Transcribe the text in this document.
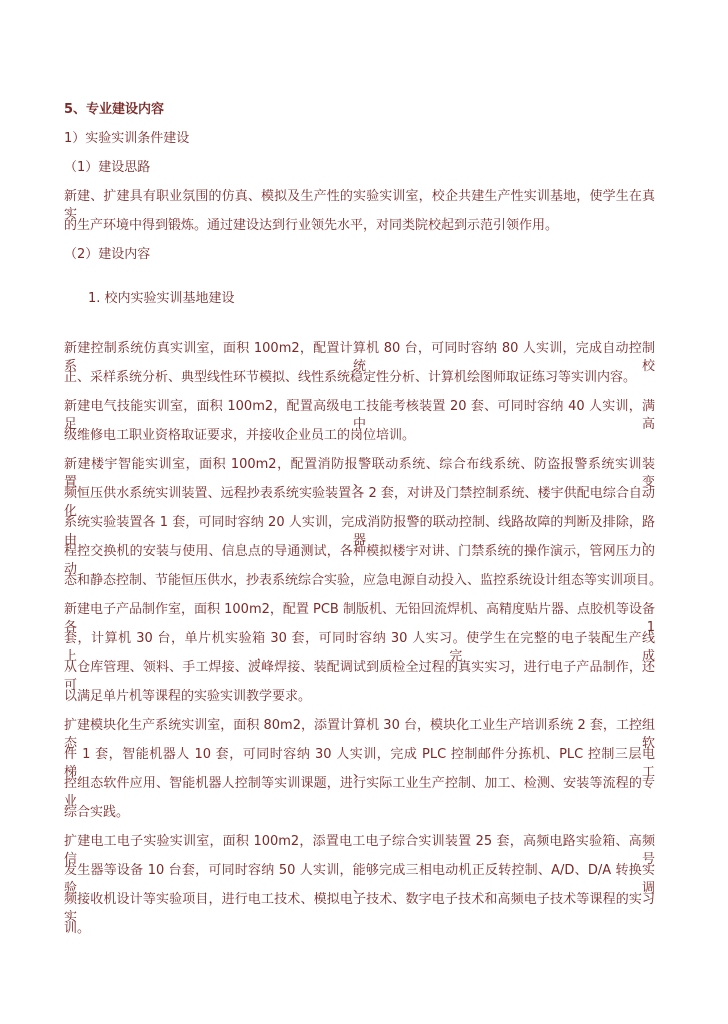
5、专业建设内容
1）实验实训条件建设
（1）建设思路
新建、扩建具有职业氛围的仿真、模拟及生产性的实验实训室，校企共建生产性实训基地，使学生在真实
的生产环境中得到锻炼。通过建设达到行业领先水平，对同类院校起到示范引领作用。
（2）建设内容
1. 校内实验实训基地建设
新建控制系统仿真实训室，面积 100m2，配置计算机 80 台，可同时容纳 80 人实训，完成自动控制系统校
正、采样系统分析、典型线性环节模拟、线性系统稳定性分析、计算机绘图师取证练习等实训内容。
新建电气技能实训室，面积 100m2，配置高级电工技能考核装置 20 套、可同时容纳 40 人实训，满足中高
级维修电工职业资格取证要求，并接收企业员工的岗位培训。
新建楼宇智能实训室，面积 100m2，配置消防报警联动系统、综合布线系统、防盗报警系统实训装置、变
频恒压供水系统实训装置、远程抄表系统实验装置各 2 套，对讲及门禁控制系统、楼宇供配电综合自动化
系统实验装置各 1 套，可同时容纳 20 人实训，完成消防报警的联动控制、线路故障的判断及排除，路由器、
程控交换机的安装与使用、信息点的导通测试，各种模拟楼宇对讲、门禁系统的操作演示，管网压力的动
态和静态控制、节能恒压供水，抄表系统综合实验，应急电源自动投入、监控系统设计组态等实训项目。
新建电子产品制作室，面积 100m2，配置 PCB 制版机、无铅回流焊机、高精度贴片器、点胶机等设备各 1
套，计算机 30 台，单片机实验箱 30 套，可同时容纳 30 人实习。使学生在完整的电子装配生产线上，完成
从仓库管理、领料、手工焊接、波峰焊接、装配调试到质检全过程的真实实习，进行电子产品制作，还可
以满足单片机等课程的实验实训教学要求。
扩建模块化生产系统实训室，面积 80m2，添置计算机 30 台，模块化工业生产培训系统 2 套，工控组态软
件 1 套，智能机器人 10 套，可同时容纳 30 人实训，完成 PLC 控制邮件分拣机、PLC 控制三层电梯、工
控组态软件应用、智能机器人控制等实训课题，进行实际工业生产控制、加工、检测、安装等流程的专业
综合实践。
扩建电工电子实验实训室，面积 100m2，添置电工电子综合实训装置 25 套，高频电路实验箱、高频信号
发生器等设备 10 台套，可同时容纳 50 人实训，能够完成三相电动机正反转控制、A/D、D/A 转换实验、调
频接收机设计等实验项目，进行电工技术、模拟电子技术、数字电子技术和高频电子技术等课程的实习实
训。
